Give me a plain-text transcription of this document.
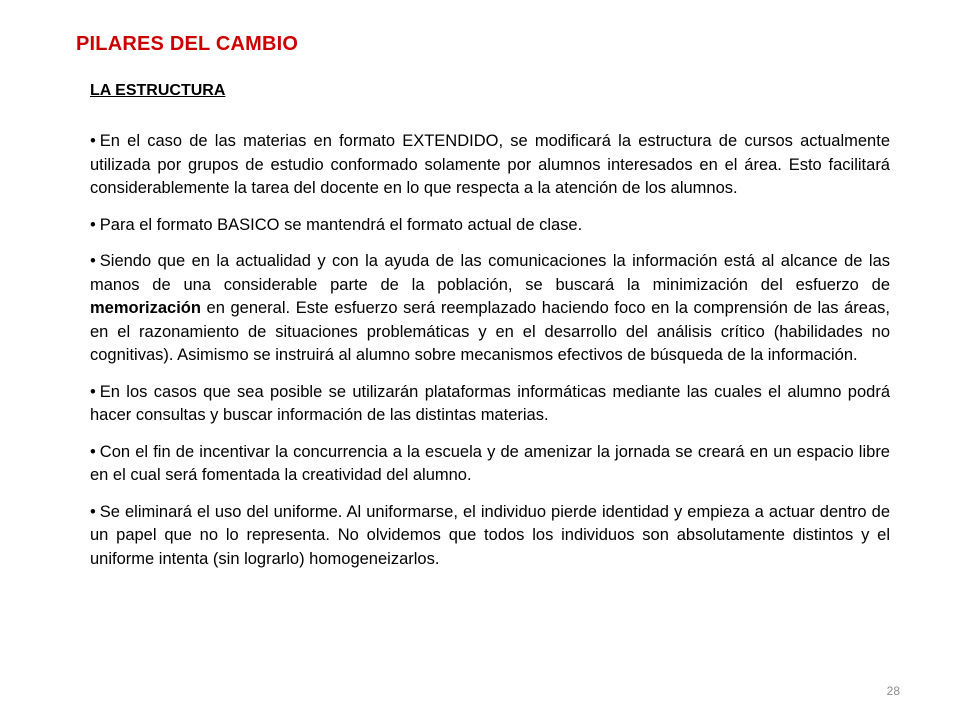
PILARES DEL CAMBIO
LA ESTRUCTURA

• En el caso de las materias en formato EXTENDIDO, se modificará la estructura de cursos actualmente utilizada por grupos de estudio conformado solamente por alumnos interesados en el área. Esto facilitará considerablemente la tarea del docente en lo que respecta a la atención de los alumnos.

• Para el formato BASICO se mantendrá el formato actual de clase.

• Siendo que en la actualidad y con la ayuda de las comunicaciones la información está al alcance de las manos de una considerable parte de la población, se buscará la minimización del esfuerzo de memorización en general. Este esfuerzo será reemplazado haciendo foco en la comprensión de las áreas, en el razonamiento de situaciones problemáticas y en el desarrollo del análisis crítico (habilidades no cognitivas). Asimismo se instruirá al alumno sobre mecanismos efectivos de búsqueda de la información.

• En los casos que sea posible se utilizarán plataformas informáticas mediante las cuales el alumno podrá hacer consultas y buscar información de las distintas materias.

• Con el fin de incentivar la concurrencia a la escuela y de amenizar la jornada se creará en un espacio libre en el cual será fomentada la creatividad del alumno.

• Se eliminará el uso del uniforme. Al uniformarse, el individuo pierde identidad y empieza a actuar dentro de un papel que no lo representa. No olvidemos que todos los individuos son absolutamente distintos y el uniforme intenta (sin lograrlo) homogeneizarlos.

28
